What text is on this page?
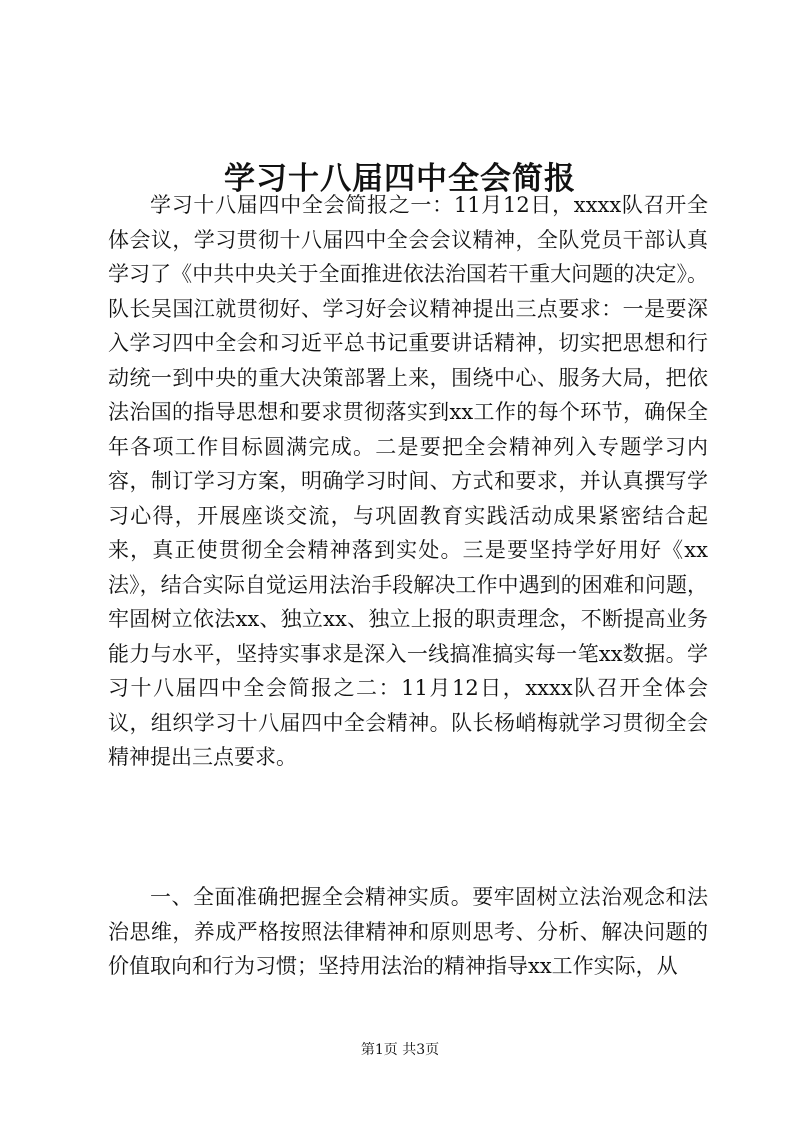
学习十八届四中全会简报

学习十八届四中全会简报之一：11月12日，xxxx队召开全体会议，学习贯彻十八届四中全会会议精神，全队党员干部认真学习了《中共中央关于全面推进依法治国若干重大问题的决定》。队长吴国江就贯彻好、学习好会议精神提出三点要求：一是要深入学习四中全会和习近平总书记重要讲话精神，切实把思想和行动统一到中央的重大决策部署上来，围绕中心、服务大局，把依法治国的指导思想和要求贯彻落实到xx工作的每个环节，确保全年各项工作目标圆满完成。二是要把全会精神列入专题学习内容，制订学习方案，明确学习时间、方式和要求，并认真撰写学习心得，开展座谈交流，与巩固教育实践活动成果紧密结合起来，真正使贯彻全会精神落到实处。三是要坚持学好用好《xx法》，结合实际自觉运用法治手段解决工作中遇到的困难和问题，牢固树立依法xx、独立xx、独立上报的职责理念，不断提高业务能力与水平，坚持实事求是深入一线搞准搞实每一笔xx数据。学习十八届四中全会简报之二：11月12日，xxxx队召开全体会议，组织学习十八届四中全会精神。队长杨峭梅就学习贯彻全会精神提出三点要求。

一、全面准确把握全会精神实质。要牢固树立法治观念和法治思维，养成严格按照法律精神和原则思考、分析、解决问题的价值取向和行为习惯；坚持用法治的精神指导xx工作实际，从

第1页 共3页
